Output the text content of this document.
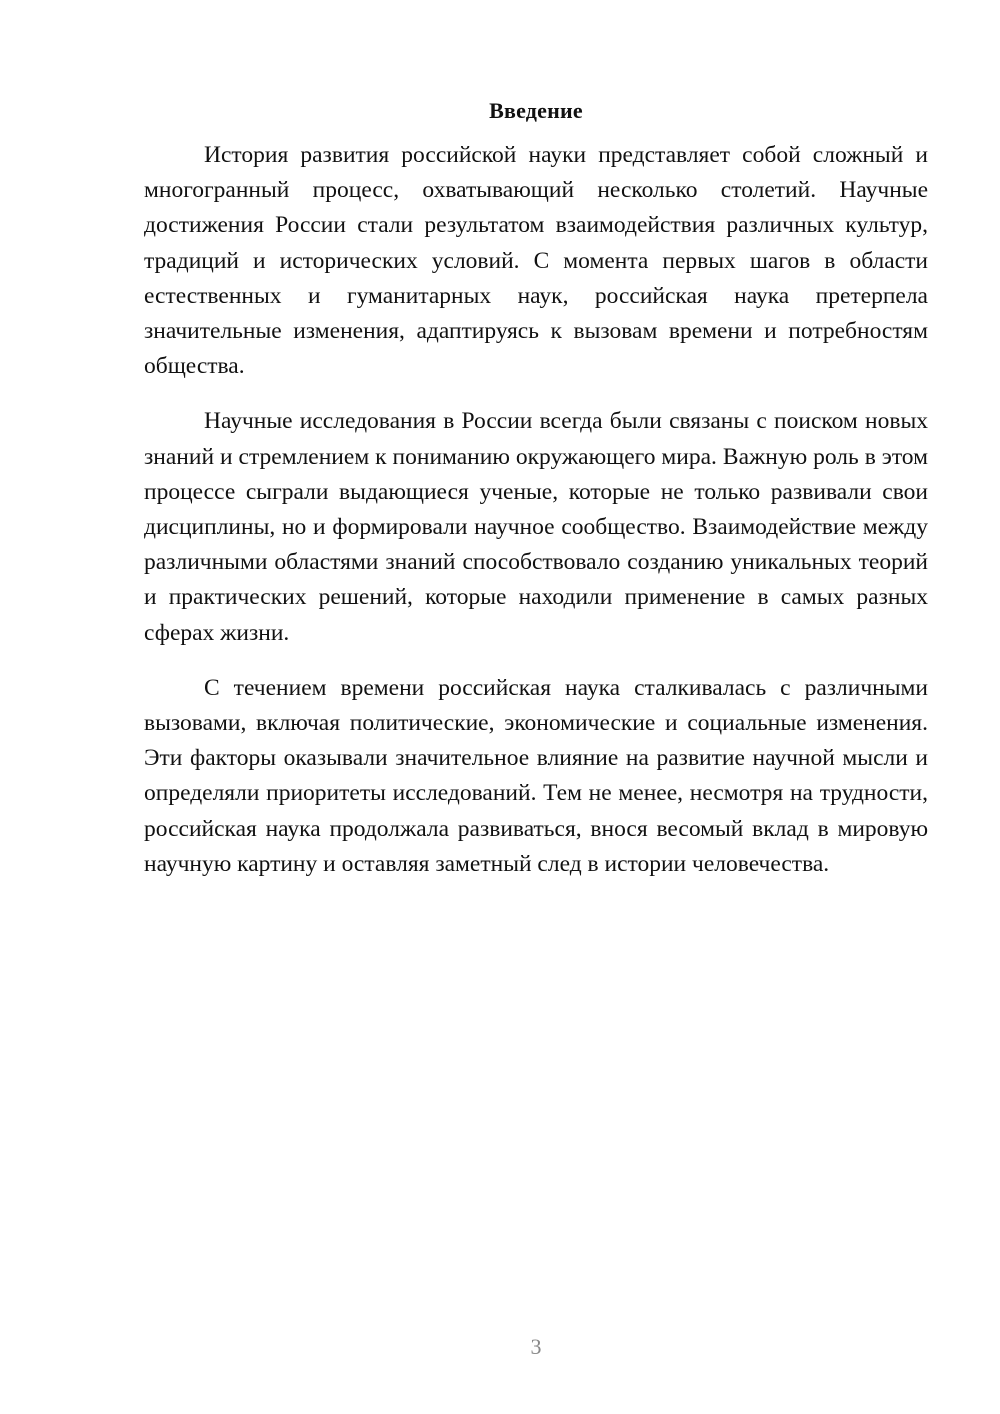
Введение

История развития российской науки представляет собой сложный и многогранный процесс, охватывающий несколько столетий. Научные достижения России стали результатом взаимодействия различных культур, традиций и исторических условий. С момента первых шагов в области естественных и гуманитарных наук, российская наука претерпела значительные изменения, адаптируясь к вызовам времени и потребностям общества.

Научные исследования в России всегда были связаны с поиском новых знаний и стремлением к пониманию окружающего мира. Важную роль в этом процессе сыграли выдающиеся ученые, которые не только развивали свои дисциплины, но и формировали научное сообщество. Взаимодействие между различными областями знаний способствовало созданию уникальных теорий и практических решений, которые находили применение в самых разных сферах жизни.

С течением времени российская наука сталкивалась с различными вызовами, включая политические, экономические и социальные изменения. Эти факторы оказывали значительное влияние на развитие научной мысли и определяли приоритеты исследований. Тем не менее, несмотря на трудности, российская наука продолжала развиваться, внося весомый вклад в мировую научную картину и оставляя заметный след в истории человечества.

3
